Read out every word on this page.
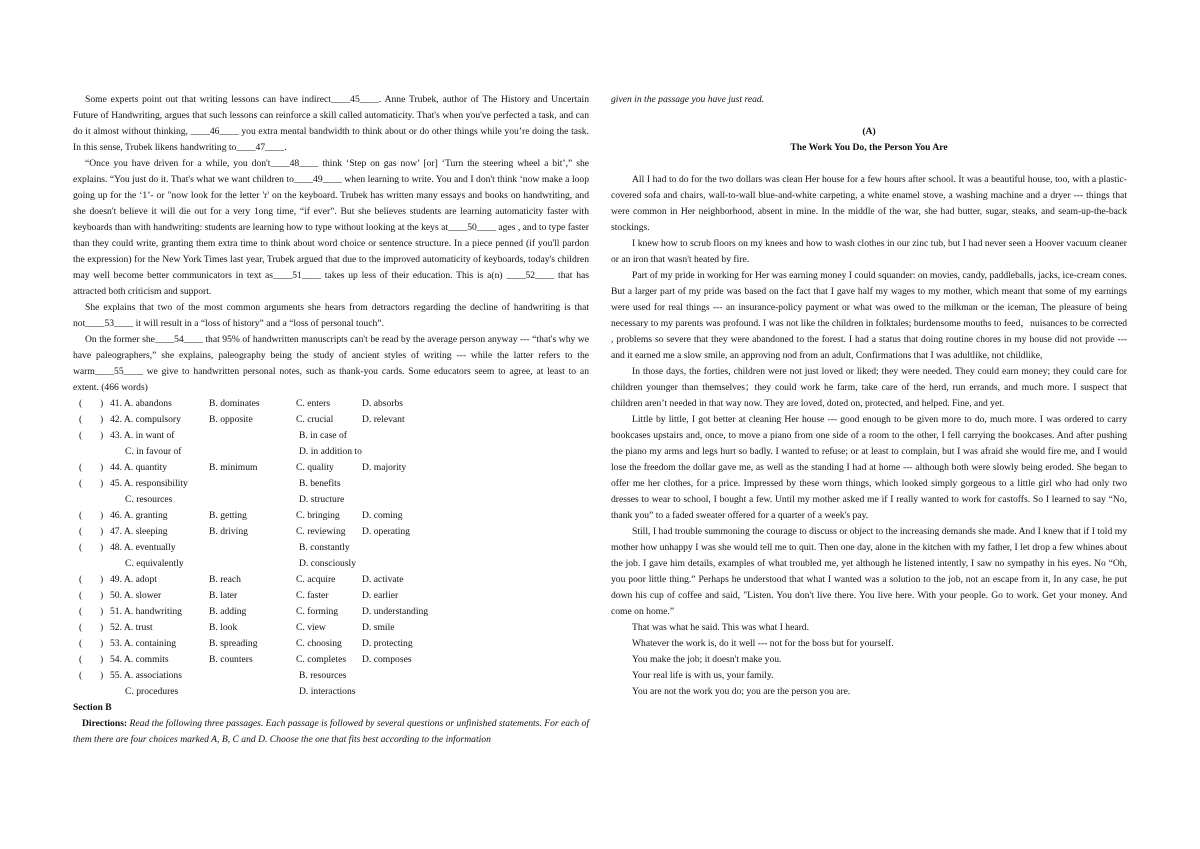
Some experts point out that writing lessons can have indirect____45____. Anne Trubek, author of The History and Uncertain Future of Handwriting, argues that such lessons can reinforce a skill called automaticity. That's when you've perfected a task, and can do it almost without thinking, ____46____ you extra mental bandwidth to think about or do other things while you’re doing the task. In this sense, Trubek likens handwriting to____47____.

“Once you have driven for a while, you don't____48____ think ‘Step on gas now’ [or] ‘Turn the steering wheel a bit’,” she explains. “You just do it. That's what we want children to____49____ when learning to write. You and I don't think ‘now make a loop going up for the ‘1’- or "now look for the letter 'r' on the keyboard. Trubek has written many essays and books on handwriting, and she doesn't believe it will die out for a very 1ong time, “if ever”. But she believes students are learning automaticity faster with keyboards than with handwriting: students are learning how to type without looking at the keys at____50____ ages , and to type faster than they could write, granting them extra time to think about word choice or sentence structure. In a piece penned (if you'll pardon the expression) for the New York Times last year, Trubek argued that due to the improved automaticity of keyboards, today's children may well become better communicators in text as____51____ takes up less of their education. This is a(n) ____52____ that has attracted both criticism and support.

She explains that two of the most common arguments she hears from detractors regarding the decline of handwriting is that not____53____ it will result in a “loss of history” and a “loss of personal touch”.

On the former she____54____ that 95% of handwritten manuscripts can't be read by the average person anyway --- “that's why we have paleographers,” she explains, paleography being the study of ancient styles of writing --- while the latter refers to the warm____55____ we give to handwritten personal notes, such as thank-you cards. Some educators seem to agree, at least to an extent. (466 words)

( ) 41. A. abandons	B. dominates	C. enters	D. absorbs
( ) 42. A. compulsory	B. opposite	C. crucial	D. relevant
( ) 43. A. in want of	B. in case of
C. in favour of	D. in addition to
( ) 44. A. quantity	B. minimum	C. quality	D. majority
( ) 45. A. responsibility	B. benefits
C. resources	D. structure
( ) 46. A. granting	B. getting	C. bringing D. coming
( ) 47. A. sleeping	B. driving	C. reviewing D. operating
( ) 48. A. eventually	B. constantly
C. equivalently	D. consciously
( ) 49. A. adopt	B. reach	C. acquire	D. activate
( ) 50. A. slower	B. later	C. faster	D. earlier
( ) 51. A. handwriting	B. adding	C. forming D. understanding
( ) 52. A. trust	B. look	C. view	D. smile
( ) 53. A. containing	B. spreading	C. choosing D. protecting
( ) 54. A. commits	B. counters	C. completes D. composes
( ) 55. A. associations	B. resources
C. procedures	D. interactions

Section B

Directions: Read the following three passages. Each passage is followed by several questions or unfinished statements. For each of them there are four choices marked A, B, C and D. Choose the one that fits best according to the information

given in the passage you have just read.

(A)

The Work You Do, the Person You Are

All I had to do for the two dollars was clean Her house for a few hours after school. It was a beautiful house, too, with a plastic-covered sofa and chairs, wall-to-wall blue-and-white carpeting, a white enamel stove, a washing machine and a dryer --- things that were common in Her neighborhood, absent in mine. In the middle of the war, she had butter, sugar, steaks, and seam-up-the-back stockings.

I knew how to scrub floors on my knees and how to wash clothes in our zinc tub, but I had never seen a Hoover vacuum cleaner or an iron that wasn't heated by fire.

Part of my pride in working for Her was earning money I could squander: on movies, candy, paddleballs, jacks, ice-cream cones. But a larger part of my pride was based on the fact that I gave half my wages to my mother, which meant that some of my earnings were used for real things --- an insurance-policy payment or what was owed to the milkman or the iceman, The pleasure of being necessary to my parents was profound. I was not like the children in folktales; burdensome mouths to feed，nuisances to be corrected , problems so severe that they were abandoned to the forest. I had a status that doing routine chores in my house did not provide ---and it earned me a slow smile, an approving nod from an adult, Confirmations that I was adultlike, not childlike,

In those days, the forties, children were not just loved or liked; they were needed. They could earn money; they could care for children younger than themselves；they could work he farm, take care of the herd, run errands, and much more. I suspect that children aren’t needed in that way now. They are loved, doted on, protected, and helped. Fine, and yet.

Little by little, I got better at cleaning Her house --- good enough to be given more to do, much more. I was ordered to carry bookcases upstairs and, once, to move a piano from one side of a room to the other, I fell carrying the bookcases. And after pushing the piano my arms and legs hurt so badly. I wanted to refuse; or at least to complain, but I was afraid she would fire me, and I would lose the freedom the dollar gave me, as well as the standing I had at home --- although both were slowly being eroded. She began to offer me her clothes, for a price. Impressed by these worn things, which looked simply gorgeous to a little girl who had only two dresses to wear to school, I bought a few. Until my mother asked me if I really wanted to work for castoffs. So I learned to say “No, thank you” to a faded sweater offered for a quarter of a week's pay.

Still, I had trouble summoning the courage to discuss or object to the increasing demands she made. And I knew that if I told my mother how unhappy I was she would tell me to quit. Then one day, alone in the kitchen with my father, I let drop a few whines about the job. I gave him details, examples of what troubled me, yet although he listened intently, I saw no sympathy in his eyes. No “Oh, you poor little thing.” Perhaps he understood that what I wanted was a solution to the job, not an escape from it, In any case, he put down his cup of coffee and said, "Listen. You don't live there. You live here. With your people. Go to work. Get your money. And come on home.”

That was what he said. This was what I heard.

Whatever the work is, do it well --- not for the boss but for yourself.

You make the job; it doesn't make you.

Your real life is with us, your family.

You are not the work you do; you are the person you are.
